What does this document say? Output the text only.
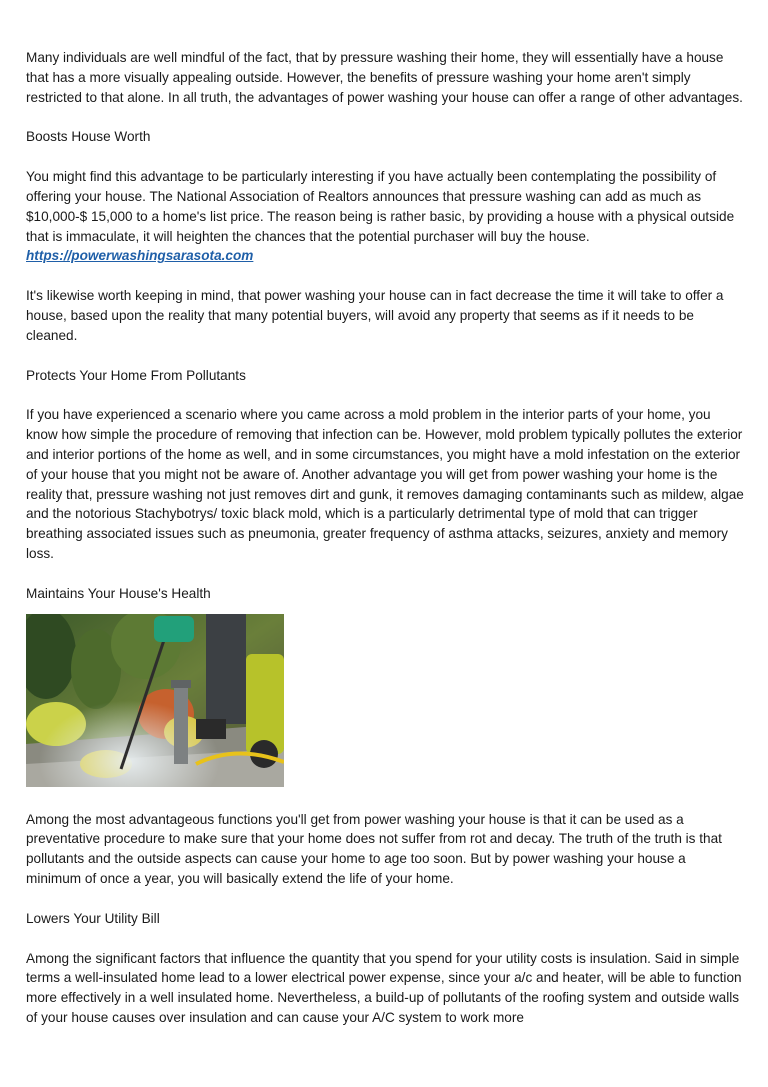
Many individuals are well mindful of the fact, that by pressure washing their home, they will essentially have a house that has a more visually appealing outside. However, the benefits of pressure washing your home aren't simply restricted to that alone. In all truth, the advantages of power washing your house can offer a range of other advantages.

Boosts House Worth

You might find this advantage to be particularly interesting if you have actually been contemplating the possibility of offering your house. The National Association of Realtors announces that pressure washing can add as much as $10,000-$ 15,000 to a home's list price. The reason being is rather basic, by providing a house with a physical outside that is immaculate, it will heighten the chances that the potential purchaser will buy the house.
https://powerwashingsarasota.com

It's likewise worth keeping in mind, that power washing your house can in fact decrease the time it will take to offer a house, based upon the reality that many potential buyers, will avoid any property that seems as if it needs to be cleaned.

Protects Your Home From Pollutants

If you have experienced a scenario where you came across a mold problem in the interior parts of your home, you know how simple the procedure of removing that infection can be. However, mold problem typically pollutes the exterior and interior portions of the home as well, and in some circumstances, you might have a mold infestation on the exterior of your house that you might not be aware of. Another advantage you will get from power washing your home is the reality that, pressure washing not just removes dirt and gunk, it removes damaging contaminants such as mildew, algae and the notorious Stachybotrys/ toxic black mold, which is a particularly detrimental type of mold that can trigger breathing associated issues such as pneumonia, greater frequency of asthma attacks, seizures, anxiety and memory loss.

Maintains Your House's Health

Among the most advantageous functions you'll get from power washing your house is that it can be used as a preventative procedure to make sure that your home does not suffer from rot and decay. The truth of the truth is that pollutants and the outside aspects can cause your home to age too soon. But by power washing your house a minimum of once a year, you will basically extend the life of your home.

Lowers Your Utility Bill

Among the significant factors that influence the quantity that you spend for your utility costs is insulation. Said in simple terms a well-insulated home lead to a lower electrical power expense, since your a/c and heater, will be able to function more effectively in a well insulated home. Nevertheless, a build-up of pollutants of the roofing system and outside walls of your house causes over insulation and can cause your A/C system to work more
